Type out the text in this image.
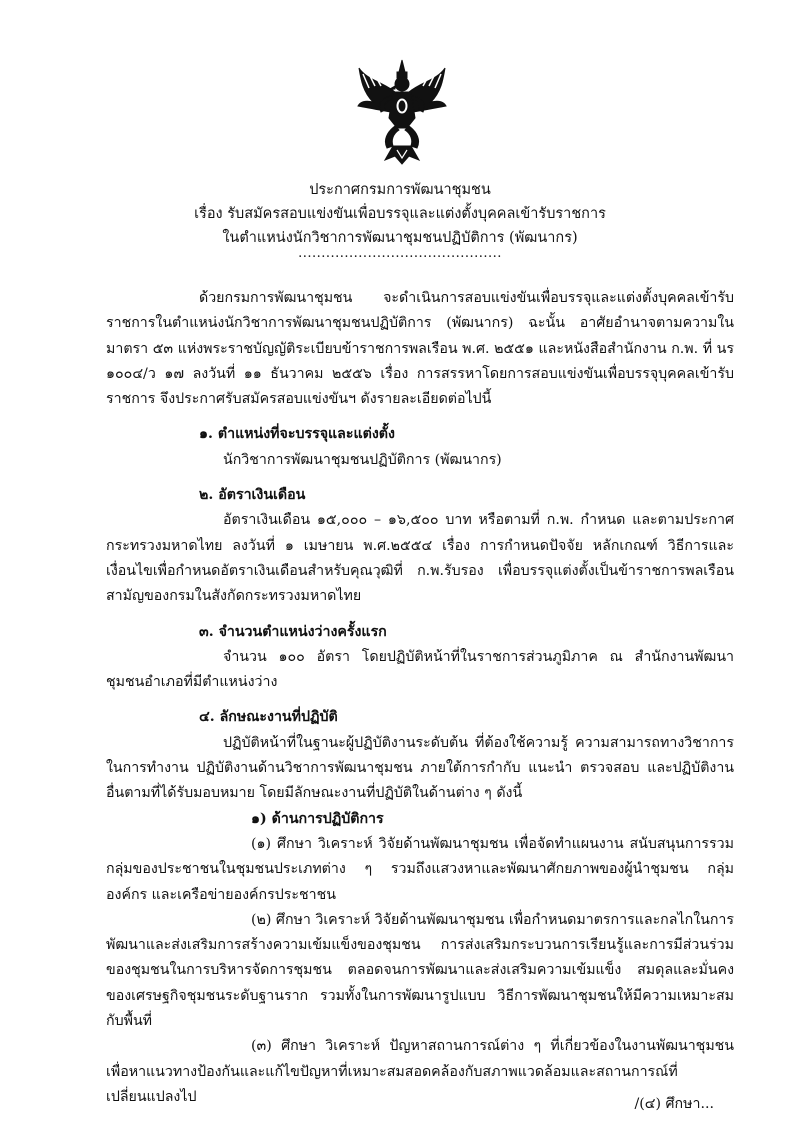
ประกาศกรมการพัฒนาชุมชน
เรื่อง รับสมัครสอบแข่งขันเพื่อบรรจุและแต่งตั้งบุคคลเข้ารับราชการ
ในตำแหน่งนักวิชาการพัฒนาชุมชนปฏิบัติการ (พัฒนากร)
............................................

ด้วยกรมการพัฒนาชุมชน จะดำเนินการสอบแข่งขันเพื่อบรรจุและแต่งตั้งบุคคลเข้ารับราชการในตำแหน่งนักวิชาการพัฒนาชุมชนปฏิบัติการ (พัฒนากร) ฉะนั้น อาศัยอำนาจตามความในมาตรา ๕๓ แห่งพระราชบัญญัติระเบียบข้าราชการพลเรือน พ.ศ. ๒๕๕๑ และหนังสือสำนักงาน ก.พ. ที่ นร ๑๐๐๔/ว ๑๗ ลงวันที่ ๑๑ ธันวาคม ๒๕๕๖ เรื่อง การสรรหาโดยการสอบแข่งขันเพื่อบรรจุบุคคลเข้ารับราชการ จึงประกาศรับสมัครสอบแข่งขันฯ ดังรายละเอียดต่อไปนี้

๑. ตำแหน่งที่จะบรรจุและแต่งตั้ง

นักวิชาการพัฒนาชุมชนปฏิบัติการ (พัฒนากร)

๒. อัตราเงินเดือน

อัตราเงินเดือน ๑๕,๐๐๐ – ๑๖,๕๐๐ บาท หรือตามที่ ก.พ. กำหนด และตามประกาศกระทรวงมหาดไทย ลงวันที่ ๑ เมษายน พ.ศ.๒๕๕๔ เรื่อง การกำหนดปัจจัย หลักเกณฑ์ วิธีการและเงื่อนไขเพื่อกำหนดอัตราเงินเดือนสำหรับคุณวุฒิที่ ก.พ.รับรอง เพื่อบรรจุแต่งตั้งเป็นข้าราชการพลเรือนสามัญของกรมในสังกัดกระทรวงมหาดไทย

๓. จำนวนตำแหน่งว่างครั้งแรก

จำนวน ๑๐๐ อัตรา โดยปฏิบัติหน้าที่ในราชการส่วนภูมิภาค ณ สำนักงานพัฒนาชุมชนอำเภอที่มีตำแหน่งว่าง

๔. ลักษณะงานที่ปฏิบัติ

ปฏิบัติหน้าที่ในฐานะผู้ปฏิบัติงานระดับต้น ที่ต้องใช้ความรู้ ความสามารถทางวิชาการในการทำงาน ปฏิบัติงานด้านวิชาการพัฒนาชุมชน ภายใต้การกำกับ แนะนำ ตรวจสอบ และปฏิบัติงานอื่นตามที่ได้รับมอบหมาย โดยมีลักษณะงานที่ปฏิบัติในด้านต่าง ๆ ดังนี้

๑) ด้านการปฏิบัติการ

(๑) ศึกษา วิเคราะห์ วิจัยด้านพัฒนาชุมชน เพื่อจัดทำแผนงาน สนับสนุนการรวมกลุ่มของประชาชนในชุมชนประเภทต่าง ๆ รวมถึงแสวงหาและพัฒนาศักยภาพของผู้นำชุมชน กลุ่ม องค์กร และเครือข่ายองค์กรประชาชน

(๒) ศึกษา วิเคราะห์ วิจัยด้านพัฒนาชุมชน เพื่อกำหนดมาตรการและกลไกในการพัฒนาและส่งเสริมการสร้างความเข้มแข็งของชุมชน การส่งเสริมกระบวนการเรียนรู้และการมีส่วนร่วมของชุมชนในการบริหารจัดการชุมชน ตลอดจนการพัฒนาและส่งเสริมความเข้มแข็ง สมดุลและมั่นคงของเศรษฐกิจชุมชนระดับฐานราก รวมทั้งในการพัฒนารูปแบบ วิธีการพัฒนาชุมชนให้มีความเหมาะสมกับพื้นที่

(๓) ศึกษา วิเคราะห์ ปัญหาสถานการณ์ต่าง ๆ ที่เกี่ยวข้องในงานพัฒนาชุมชน เพื่อหาแนวทางป้องกันและแก้ไขปัญหาที่เหมาะสมสอดคล้องกับสภาพแวดล้อมและสถานการณ์ที่เปลี่ยนแปลงไป	/(๔) ศึกษา...
